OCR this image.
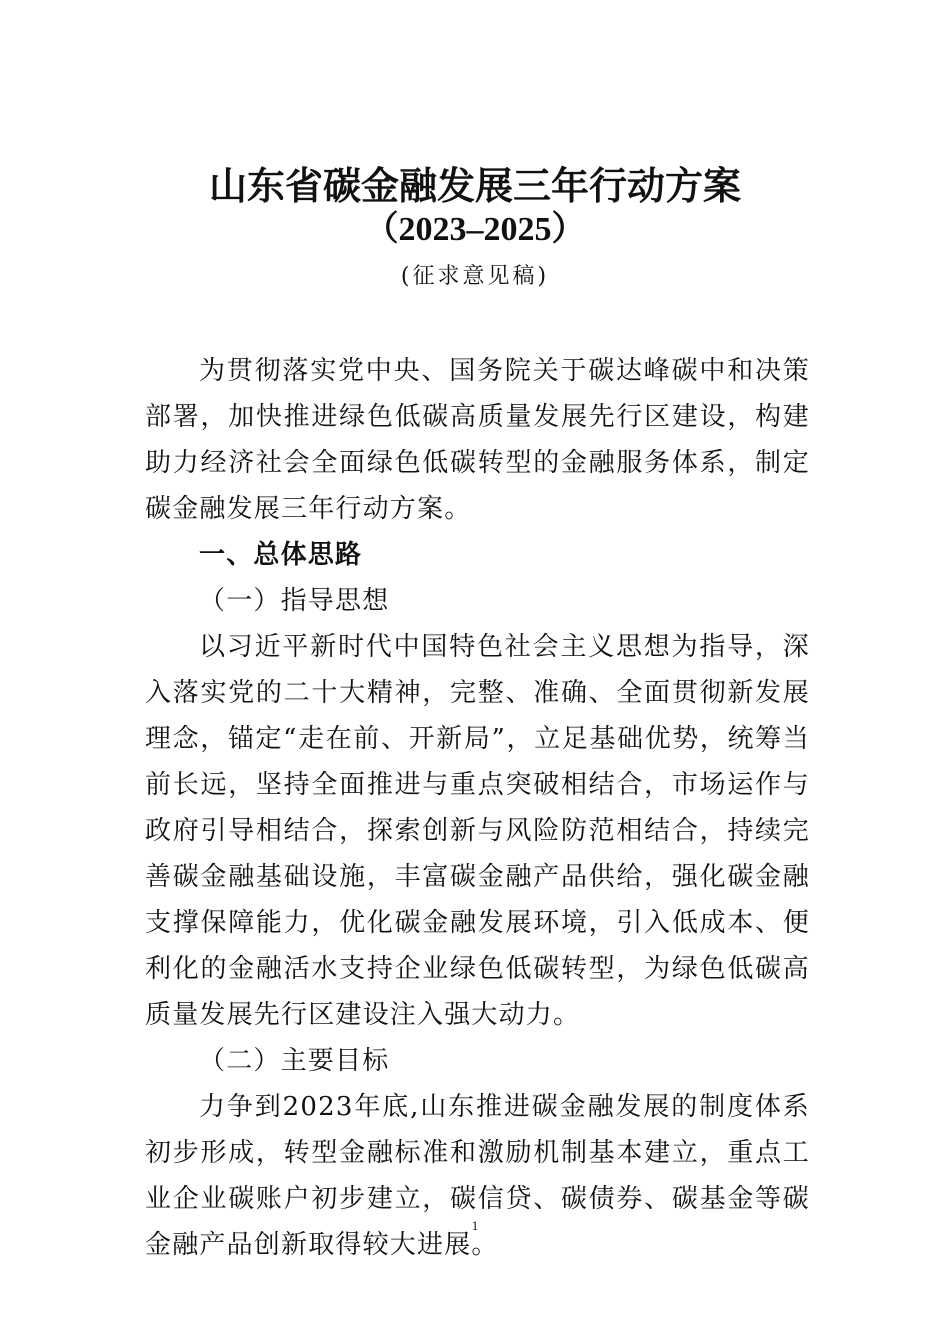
山东省碳金融发展三年行动方案
（2023–2025）
(征求意见稿)

为贯彻落实党中央、国务院关于碳达峰碳中和决策部署，加快推进绿色低碳高质量发展先行区建设，构建助力经济社会全面绿色低碳转型的金融服务体系，制定碳金融发展三年行动方案。

一、总体思路

（一）指导思想

以习近平新时代中国特色社会主义思想为指导，深入落实党的二十大精神，完整、准确、全面贯彻新发展理念，锚定“走在前、开新局”，立足基础优势，统筹当前长远，坚持全面推进与重点突破相结合，市场运作与政府引导相结合，探索创新与风险防范相结合，持续完善碳金融基础设施，丰富碳金融产品供给，强化碳金融支撑保障能力，优化碳金融发展环境，引入低成本、便利化的金融活水支持企业绿色低碳转型，为绿色低碳高质量发展先行区建设注入强大动力。

（二）主要目标

力争到2023年底,山东推进碳金融发展的制度体系初步形成，转型金融标准和激励机制基本建立，重点工业企业碳账户初步建立，碳信贷、碳债券、碳基金等碳金融产品创新取得较大进展。

1
